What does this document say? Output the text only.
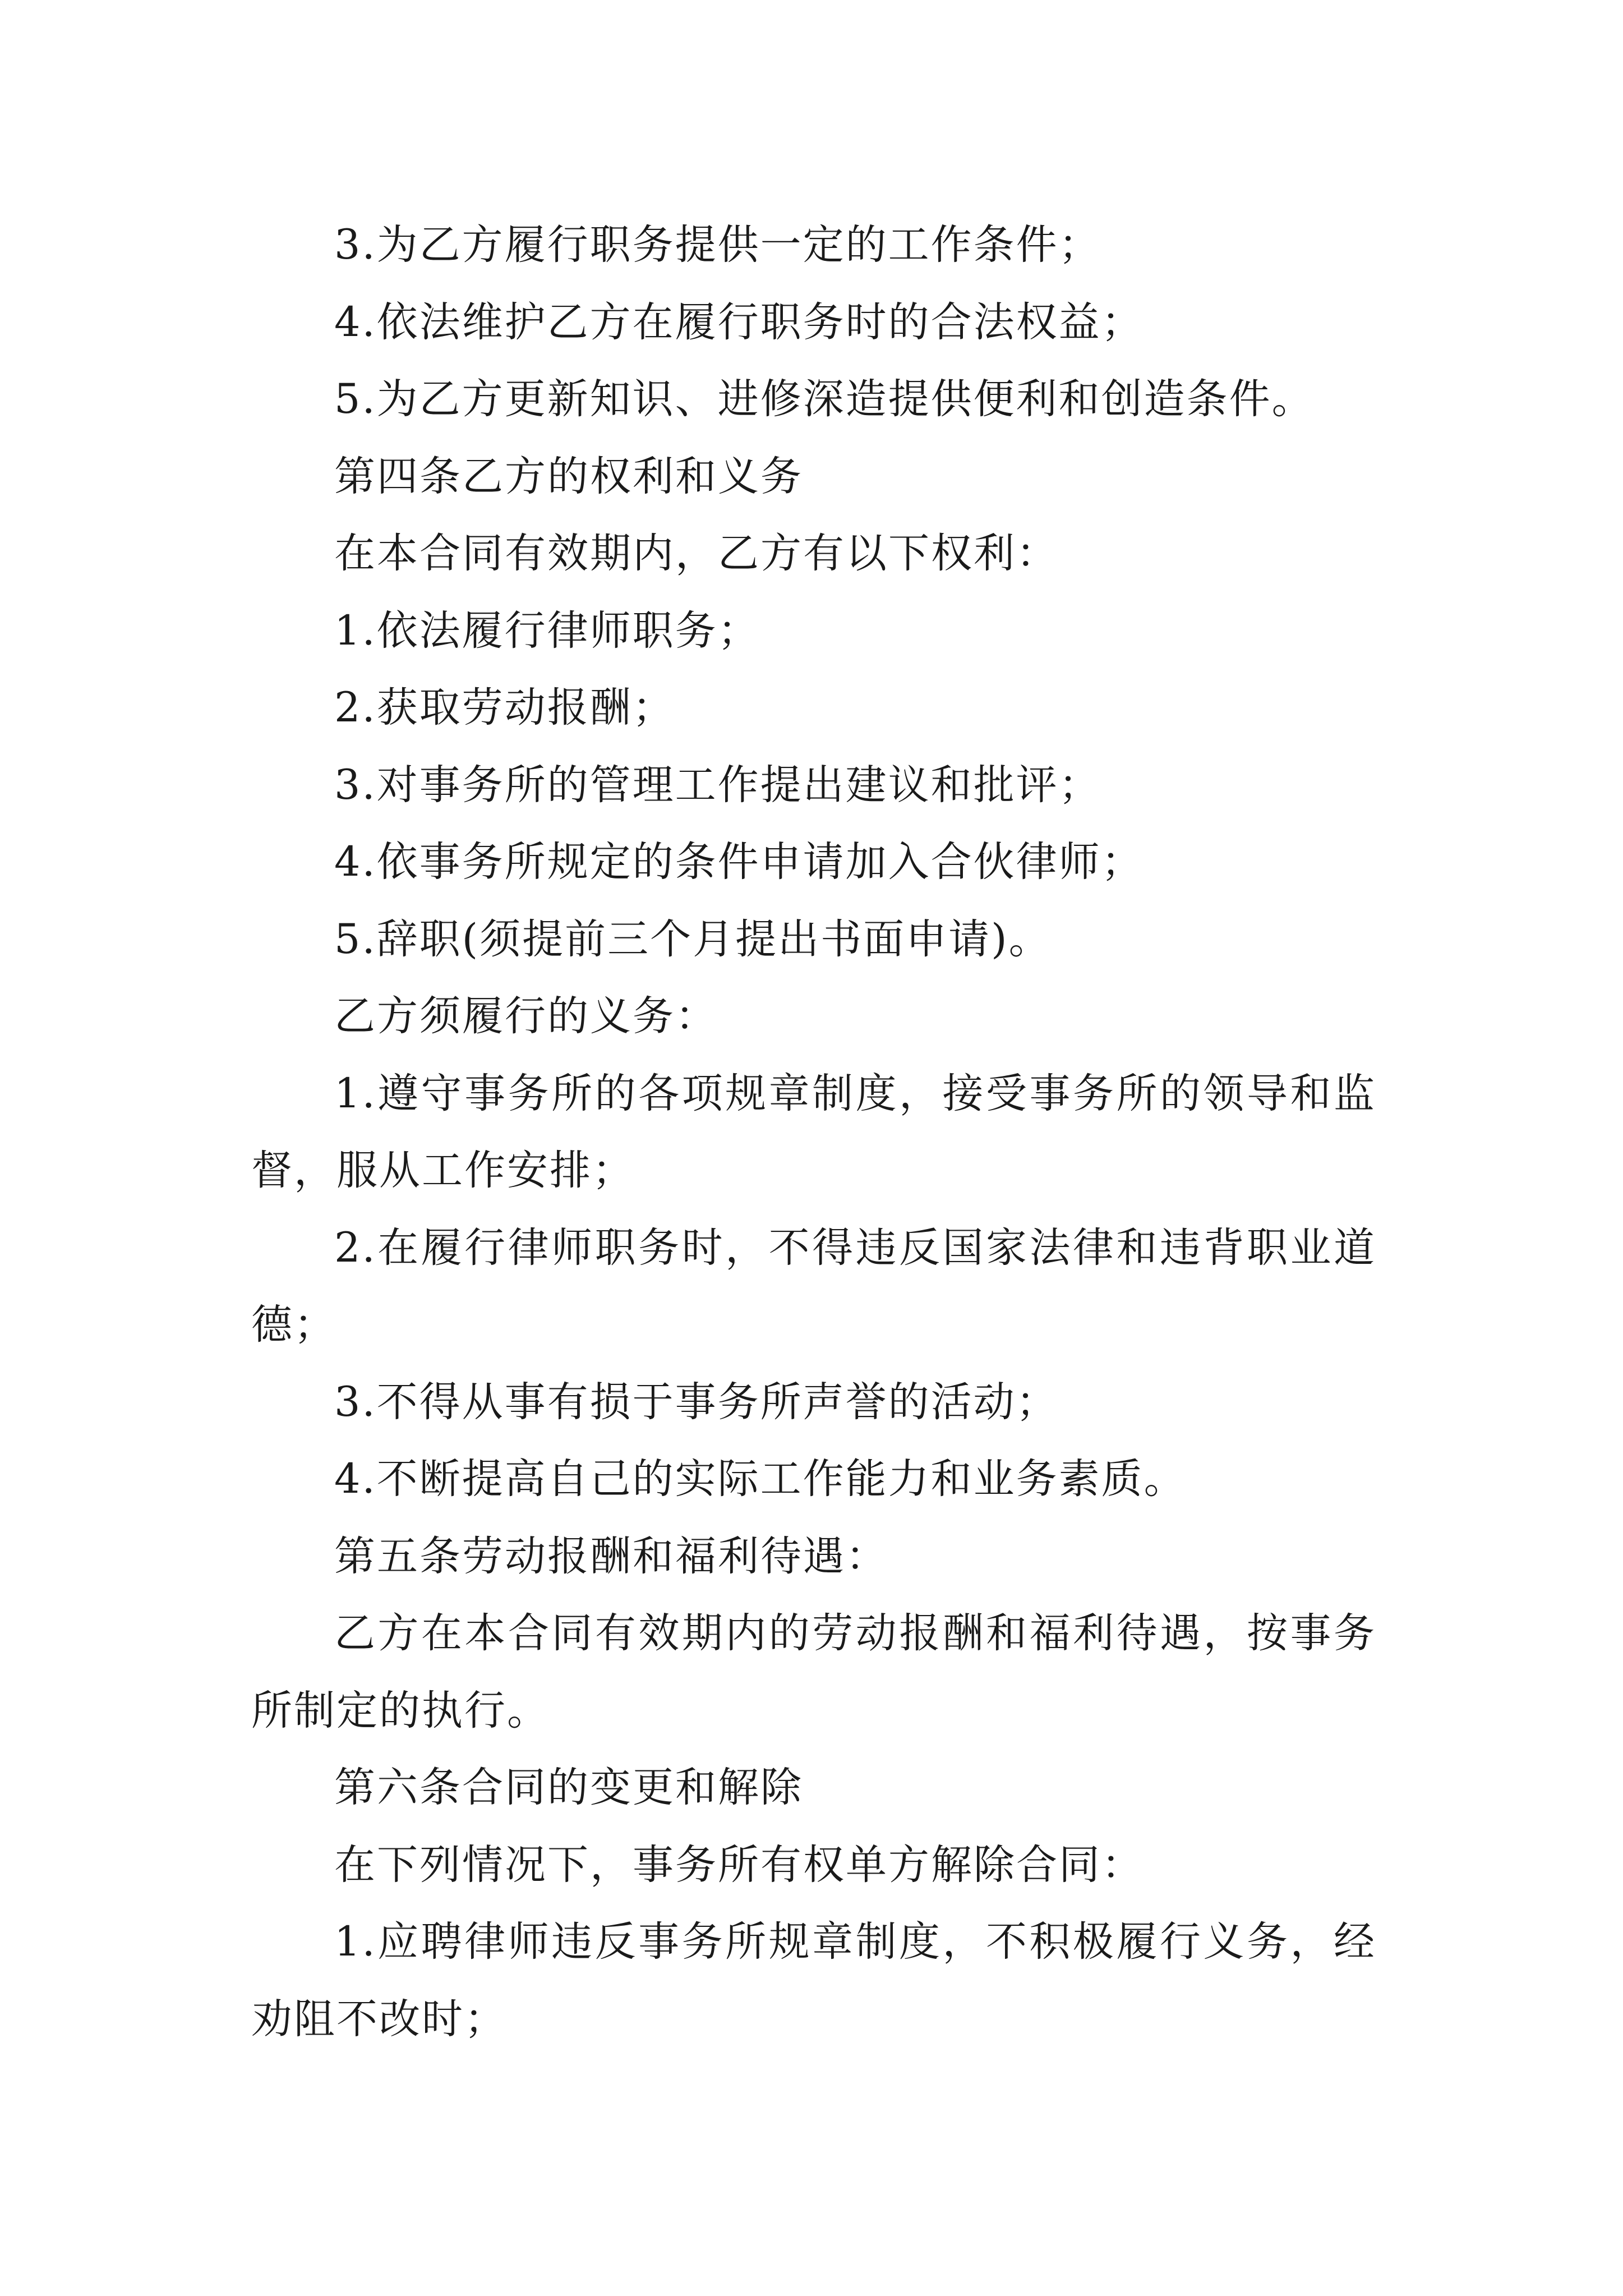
3.为乙方履行职务提供一定的工作条件；

4.依法维护乙方在履行职务时的合法权益；

5.为乙方更新知识、进修深造提供便利和创造条件。

第四条乙方的权利和义务

在本合同有效期内，乙方有以下权利：

1.依法履行律师职务；

2.获取劳动报酬；

3.对事务所的管理工作提出建议和批评；

4.依事务所规定的条件申请加入合伙律师；

5.辞职(须提前三个月提出书面申请)。

乙方须履行的义务：

1.遵守事务所的各项规章制度，接受事务所的领导和监督，服从工作安排；

2.在履行律师职务时，不得违反国家法律和违背职业道德；

3.不得从事有损于事务所声誉的活动；

4.不断提高自己的实际工作能力和业务素质。

第五条劳动报酬和福利待遇：

乙方在本合同有效期内的劳动报酬和福利待遇，按事务所制定的执行。

第六条合同的变更和解除

在下列情况下，事务所有权单方解除合同：

1.应聘律师违反事务所规章制度，不积极履行义务，经劝阻不改时；
